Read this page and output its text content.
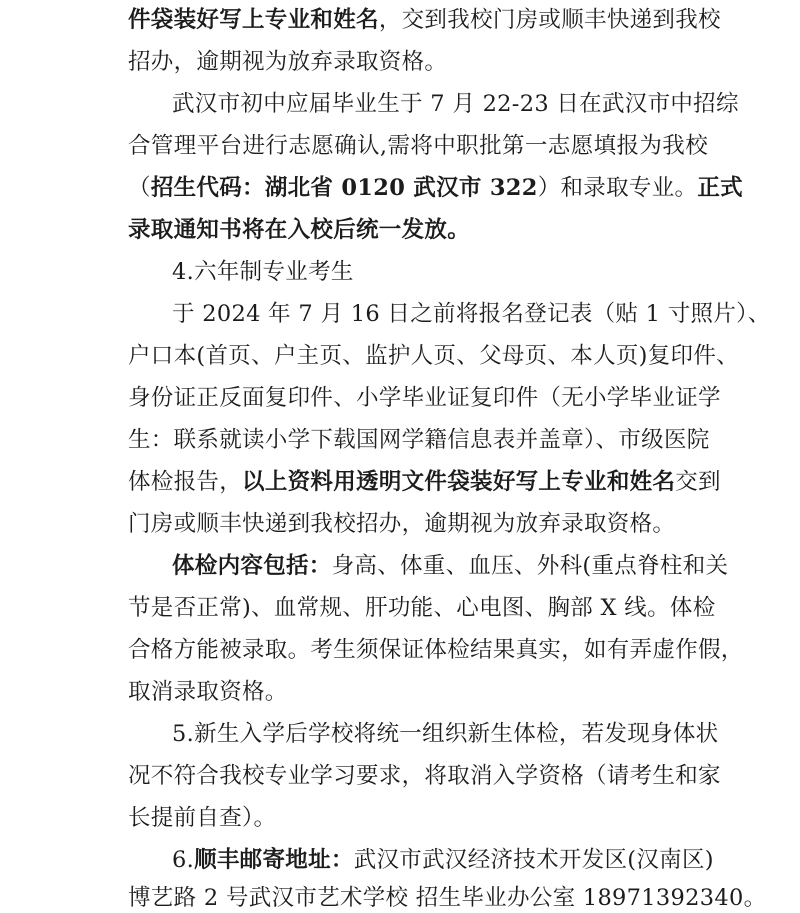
件袋装好写上专业和姓名，交到我校门房或顺丰快递到我校
招办，逾期视为放弃录取资格。
武汉市初中应届毕业生于 7 月 22-23 日在武汉市中招综
合管理平台进行志愿确认,需将中职批第一志愿填报为我校
（招生代码：湖北省 0120 武汉市 322）和录取专业。正式
录取通知书将在入校后统一发放。
4.六年制专业考生
于 2024 年 7 月 16 日之前将报名登记表（贴 1 寸照片）、
户口本(首页、户主页、监护人页、父母页、本人页)复印件、
身份证正反面复印件、小学毕业证复印件（无小学毕业证学
生：联系就读小学下载国网学籍信息表并盖章）、市级医院
体检报告，以上资料用透明文件袋装好写上专业和姓名交到
门房或顺丰快递到我校招办，逾期视为放弃录取资格。
体检内容包括：身高、体重、血压、外科(重点脊柱和关
节是否正常)、血常规、肝功能、心电图、胸部 X 线。体检
合格方能被录取。考生须保证体检结果真实，如有弄虚作假，
取消录取资格。
5.新生入学后学校将统一组织新生体检，若发现身体状
况不符合我校专业学习要求，将取消入学资格（请考生和家
长提前自查）。
6.顺丰邮寄地址：武汉市武汉经济技术开发区(汉南区)
博艺路 2 号武汉市艺术学校 招生毕业办公室 18971392340。
